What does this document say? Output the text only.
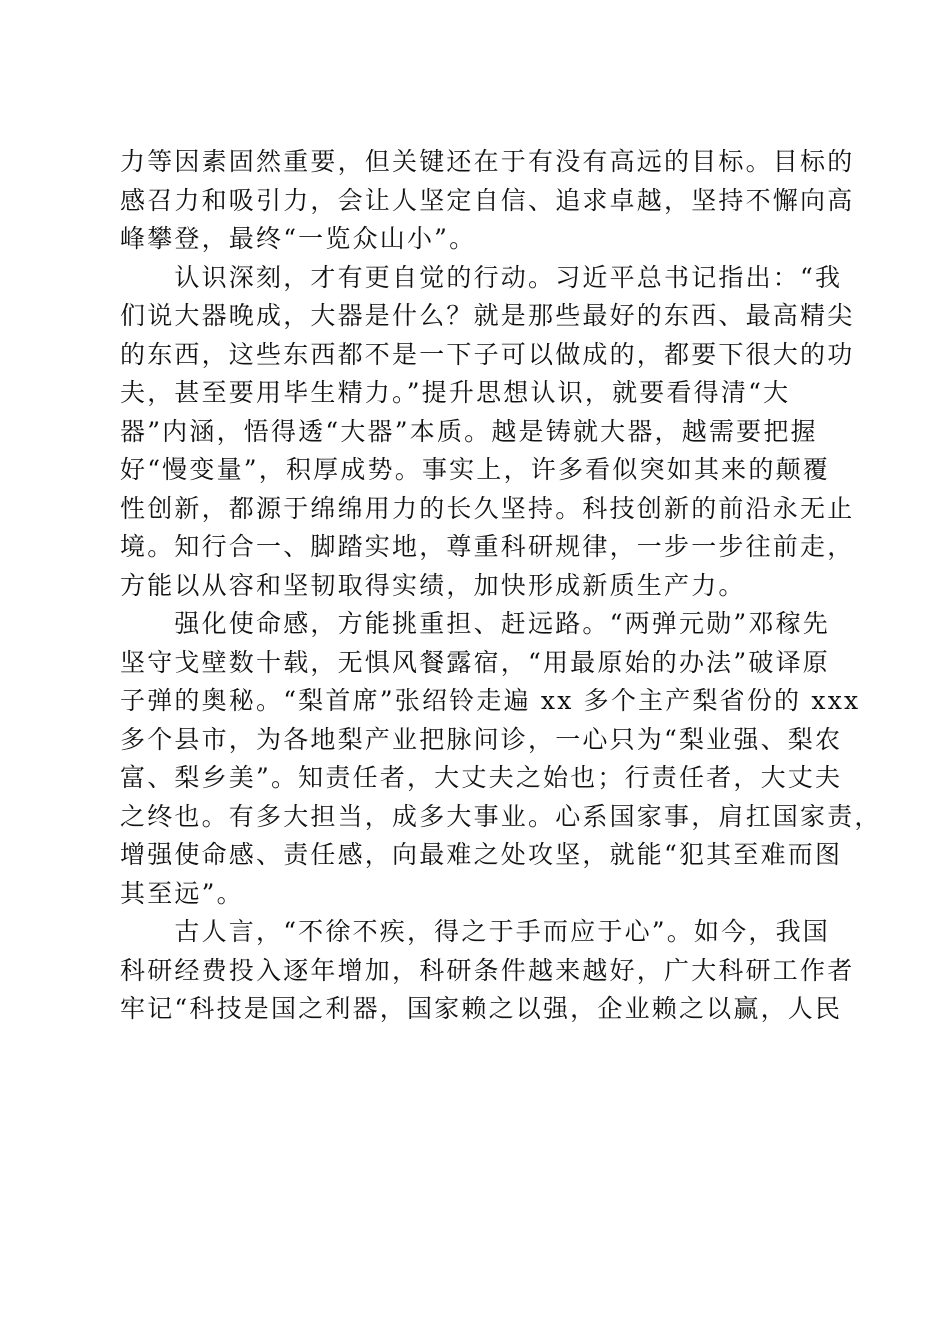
力等因素固然重要，但关键还在于有没有高远的目标。目标的
感召力和吸引力，会让人坚定自信、追求卓越，坚持不懈向高
峰攀登，最终“一览众山小”。
　　认识深刻，才有更自觉的行动。习近平总书记指出：“我
们说大器晚成，大器是什么？就是那些最好的东西、最高精尖
的东西，这些东西都不是一下子可以做成的，都要下很大的功
夫，甚至要用毕生精力。”提升思想认识，就要看得清“大
器”内涵，悟得透“大器”本质。越是铸就大器，越需要把握
好“慢变量”，积厚成势。事实上，许多看似突如其来的颠覆
性创新，都源于绵绵用力的长久坚持。科技创新的前沿永无止
境。知行合一、脚踏实地，尊重科研规律，一步一步往前走，
方能以从容和坚韧取得实绩，加快形成新质生产力。
　　强化使命感，方能挑重担、赶远路。“两弹元勋”邓稼先
坚守戈壁数十载，无惧风餐露宿，“用最原始的办法”破译原
子弹的奥秘。“梨首席”张绍铃走遍 xx 多个主产梨省份的 xxx
多个县市，为各地梨产业把脉问诊，一心只为“梨业强、梨农
富、梨乡美”。知责任者，大丈夫之始也；行责任者，大丈夫
之终也。有多大担当，成多大事业。心系国家事，肩扛国家责，
增强使命感、责任感，向最难之处攻坚，就能“犯其至难而图
其至远”。
　　古人言，“不徐不疾，得之于手而应于心”。如今，我国
科研经费投入逐年增加，科研条件越来越好，广大科研工作者
牢记“科技是国之利器，国家赖之以强，企业赖之以赢，人民
